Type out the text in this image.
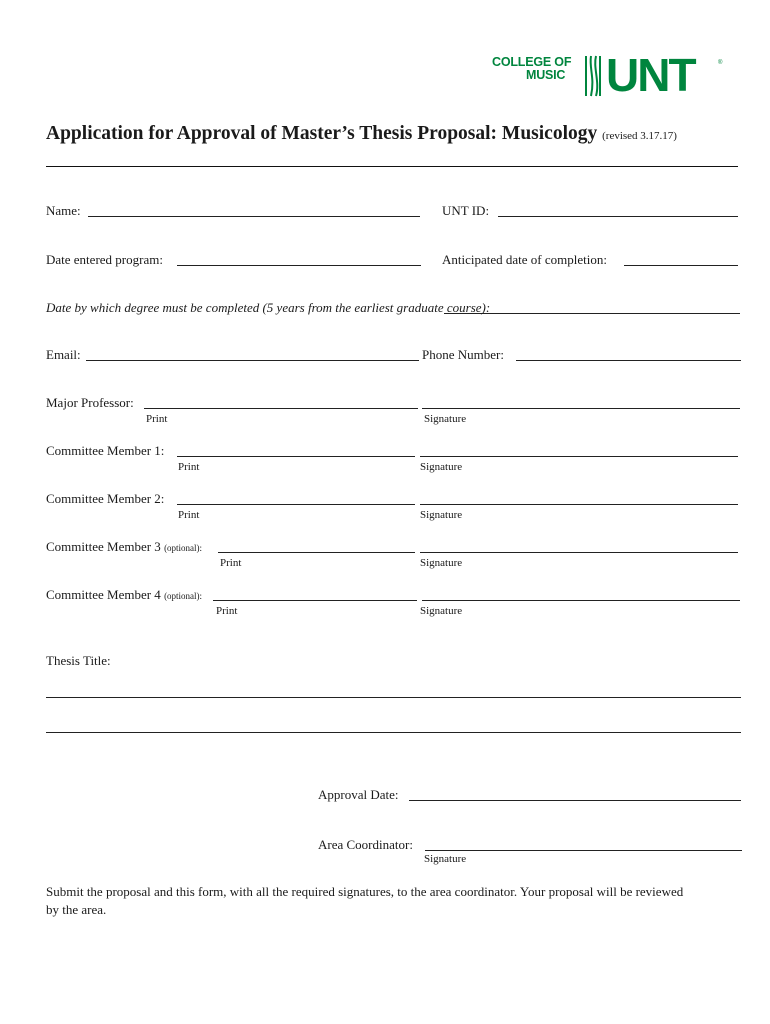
COLLEGE OF
MUSIC UNT	®
Application for Approval of Master’s Thesis Proposal: Musicology (revised 3.17.17)
Name:	UNT ID:
Date entered program:	Anticipated date of completion:
Date by which degree must be completed (5 years from the earliest graduate course):
Email:	Phone Number:
Major Professor:
Print	Signature
Committee Member 1:
Print	Signature
Committee Member 2:
Print	Signature
Committee Member 3 (optional):
Print	Signature
Committee Member 4 (optional):
Print	Signature
Thesis Title:
Approval Date:
Area Coordinator:
Signature
Submit the proposal and this form, with all the required signatures, to the area coordinator. Your proposal will be reviewed
by the area.
